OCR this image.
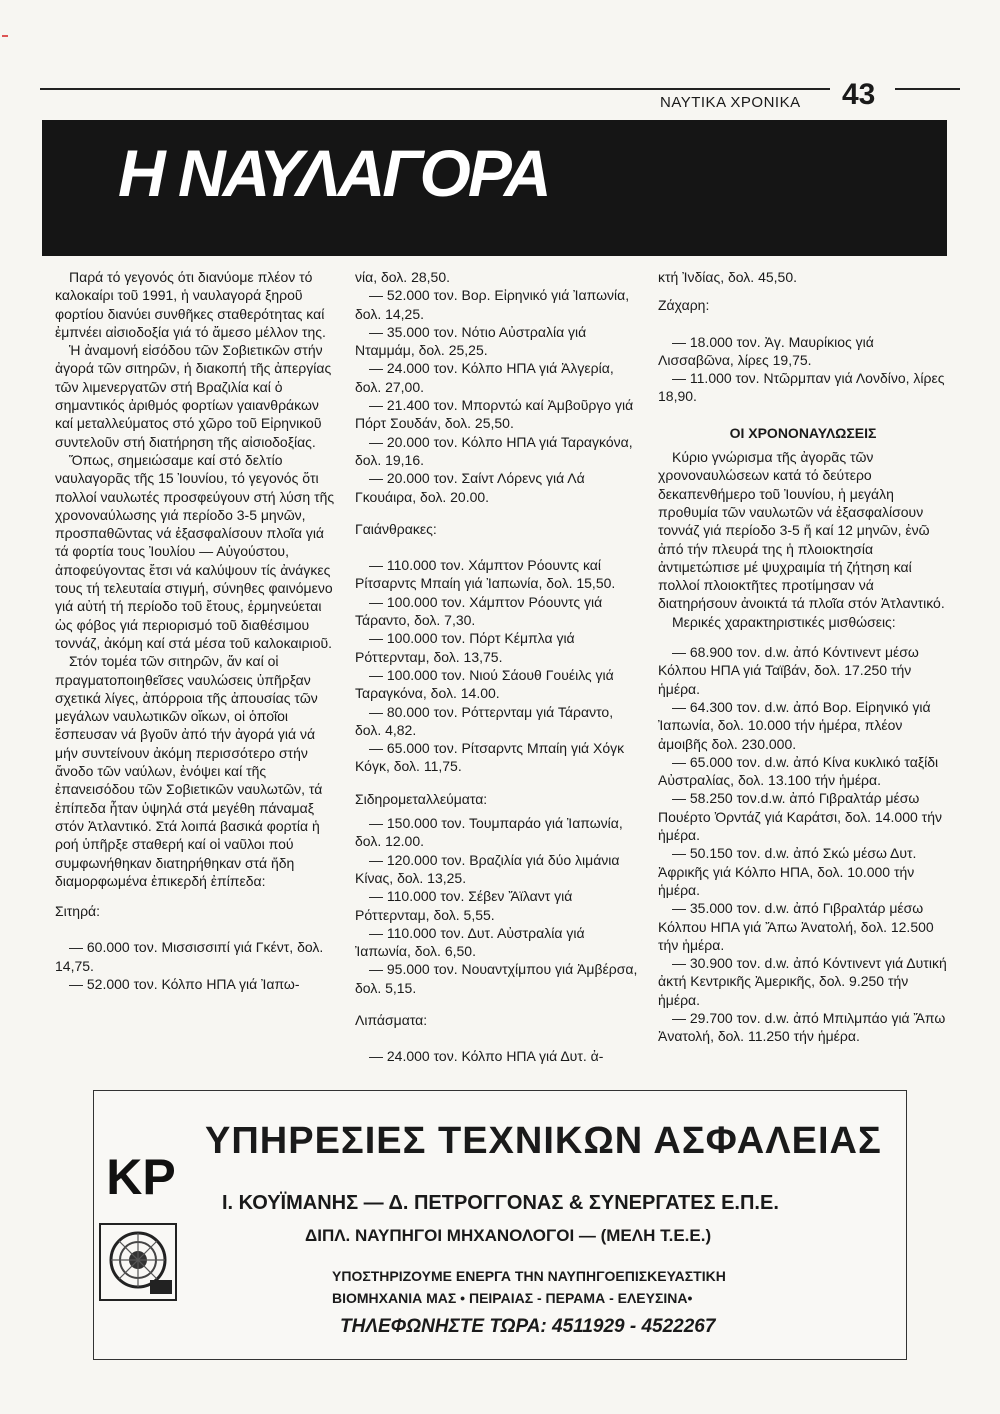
ΝΑΥΤΙΚΑ ΧΡΟΝΙΚΑ 43
Η ΝΑΥΛΑΓΟΡΑ

Παρά τό γεγονός ότι διανύομε πλέον τό καλοκαίρι τοῦ 1991, ἡ ναυλαγορά ξηροῦ φορτίου διανύει συνθῆκες σταθερότητας καί ἐμπνέει αἰσιοδοξία γιά τό ἄμεσο μέλλον της.

Ἡ ἀναμονή εἰσόδου τῶν Σοβιετικῶν στήν ἀγορά τῶν σιτηρῶν, ἡ διακοπή τῆς ἀπεργίας τῶν λιμενεργατῶν στή Βραζιλία καί ὁ σημαντικός ἀριθμός φορτίων γαιανθράκων καί μεταλλεύματος στό χῶρο τοῦ Εἰρηνικοῦ συντελοῦν στή διατήρηση τῆς αἰσιοδοξίας.

Ὅπως, σημειώσαμε καί στό δελτίο ναυλαγορᾶς τῆς 15 Ἰουνίου, τό γεγονός ὅτι πολλοί ναυλωτές προσφεύγουν στή λύση τῆς χρονοναύλωσης γιά περίοδο 3-5 μηνῶν, προσπαθῶντας νά ἐξασφαλίσουν πλοῖα γιά τά φορτία τους Ἰουλίου — Αὐγούστου, ἀποφεύγοντας ἔτσι νά καλύψουν τίς ἀνάγκες τους τή τελευταία στιγμή, σύνηθες φαινόμενο γιά αὐτή τή περίοδο τοῦ ἔτους, ἑρμηνεύεται ὡς φόβος γιά περιορισμό τοῦ διαθέσιμου τοννάζ, ἀκόμη καί στά μέσα τοῦ καλοκαιριοῦ.

Στόν τομέα τῶν σιτηρῶν, ἄν καί οἱ πραγματοποιηθεῖσες ναυλώσεις ὑπῆρξαν σχετικά λίγες, ἀπόρροια τῆς ἀπουσίας τῶν μεγάλων ναυλωτικῶν οἴκων, οἱ ὁποῖοι ἔσπευσαν νά βγοῦν ἀπό τήν ἀγορά γιά νά μήν συντείνουν ἀκόμη περισσότερο στήν ἄνοδο τῶν ναύλων, ἐνόψει καί τῆς ἐπανεισόδου τῶν Σοβιετικῶν ναυλωτῶν, τά ἐπίπεδα ἦταν ὑψηλά στά μεγέθη πάναμαξ στόν Ἀτλαντικό. Στά λοιπά βασικά φορτία ἡ ροή ὑπῆρξε σταθερή καί οἱ ναῦλοι πού συμφωνήθηκαν διατηρήθηκαν στά ἤδη διαμορφωμένα ἐπικερδή ἐπίπεδα:

Σιτηρά:

— 60.000 τον. Μισσισσιπί γιά Γκέντ, δολ. 14,75.

— 52.000 τον. Κόλπο ΗΠΑ γιά Ἰαπω-

νία, δολ. 28,50.

— 52.000 τον. Βορ. Εἰρηνικό γιά Ἰαπωνία, δολ. 14,25.

— 35.000 τον. Νότιο Αὐστραλία γιά Νταμμάμ, δολ. 25,25.

— 24.000 τον. Κόλπο ΗΠΑ γιά Ἀλγερία, δολ. 27,00.

— 21.400 τον. Μπορντώ καί Ἀμβοῦργο γιά Πόρτ Σουδάν, δολ. 25,50.

— 20.000 τον. Κόλπο ΗΠΑ γιά Ταραγκόνα, δολ. 19,16.

— 20.000 τον. Σαίντ Λόρενς γιά Λά Γκουάιρα, δολ. 20.00.

Γαιάνθρακες:

— 110.000 τον. Χάμπτον Ρόουντς καί Ρίτσαρντς Μπαίη γιά Ἰαπωνία, δολ. 15,50.

— 100.000 τον. Χάμπτον Ρόουντς γιά Τάραντο, δολ. 7,30.

— 100.000 τον. Πόρτ Κέμπλα γιά Ρόττερνταμ, δολ. 13,75.

— 100.000 τον. Νιού Σάουθ Γουέιλς γιά Ταραγκόνα, δολ. 14.00.

— 80.000 τον. Ρόττερνταμ γιά Τάραντο, δολ. 4,82.

— 65.000 τον. Ρίτσαρντς Μπαίη γιά Χόγκ Κόγκ, δολ. 11,75.

Σιδηρομεταλλεύματα:

— 150.000 τον. Τουμπαράο γιά Ἰαπωνία, δολ. 12.00.

— 120.000 τον. Βραζιλία γιά δύο λιμάνια Κίνας, δολ. 13,25.

— 110.000 τον. Σέβεν Ἄϊλαντ γιά Ρόττερνταμ, δολ. 5,55.

— 110.000 τον. Δυτ. Αὐστραλία γιά Ἰαπωνία, δολ. 6,50.

— 95.000 τον. Νουαντχίμπου γιά Ἀμβέρσα, δολ. 5,15.

Λιπάσματα:

— 24.000 τον. Κόλπο ΗΠΑ γιά Δυτ. ἀ-

κτή Ἰνδίας, δολ. 45,50.

Ζάχαρη:

— 18.000 τον. Ἀγ. Μαυρίκιος γιά Λισσαβῶνα, λίρες 19,75.

— 11.000 τον. Ντῶρμπαν γιά Λονδίνο, λίρες 18,90.

ΟΙ ΧΡΟΝΟΝΑΥΛΩΣΕΙΣ

Κύριο γνώρισμα τῆς ἀγορᾶς τῶν χρονοναυλώσεων κατά τό δεύτερο δεκαπενθήμερο τοῦ Ἰουνίου, ἡ μεγάλη προθυμία τῶν ναυλωτῶν νά ἐξασφαλίσουν τοννάζ γιά περίοδο 3-5 ἤ καί 12 μηνῶν, ἐνῶ ἀπό τήν πλευρά της ἡ πλοιοκτησία ἀντιμετώπισε μέ ψυχραιμία τή ζήτηση καί πολλοί πλοιοκτῆτες προτίμησαν νά διατηρήσουν ἀνοικτά τά πλοῖα στόν Ἀτλαντικό.

Μερικές χαρακτηριστικές μισθώσεις:

— 68.900 τον. d.w. ἀπό Κόντινεντ μέσω Κόλπου ΗΠΑ γιά Ταϊβάν, δολ. 17.250 τήν ἡμέρα.

— 64.300 τον. d.w. ἀπό Βορ. Εἰρηνικό γιά Ἰαπωνία, δολ. 10.000 τήν ἡμέρα, πλέον ἀμοιβῆς δολ. 230.000.

— 65.000 τον. d.w. ἀπό Κίνα κυκλικό ταξίδι Αὐστραλίας, δολ. 13.100 τήν ἡμέρα.

— 58.250 τον.d.w. ἀπό Γιβραλτάρ μέσω Πουέρτο Ὀρντάζ γιά Καράτσι, δολ. 14.000 τήν ἡμέρα.

— 50.150 τον. d.w. ἀπό Σκώ μέσω Δυτ. Ἀφρικῆς γιά Κόλπο ΗΠΑ, δολ. 10.000 τήν ἡμέρα.

— 35.000 τον. d.w. ἀπό Γιβραλτάρ μέσω Κόλπου ΗΠΑ γιά Ἄπω Ἀνατολή, δολ. 12.500 τήν ἡμέρα.

— 30.900 τον. d.w. ἀπό Κόντινεντ γιά Δυτική ἀκτή Κεντρικῆς Ἀμερικῆς, δολ. 9.250 τήν ἡμέρα.

— 29.700 τον. d.w. ἀπό Μπιλμπάο γιά Ἄπω Ἀνατολή, δολ. 11.250 τήν ἡμέρα.

KP
ΥΠΗΡΕΣΙΕΣ ΤΕΧΝΙΚΩΝ ΑΣΦΑΛΕΙΑΣ
Ι. ΚΟΥΪΜΑΝΗΣ — Δ. ΠΕΤΡΟΓΓΟΝΑΣ & ΣΥΝΕΡΓΑΤΕΣ Ε.Π.Ε.
ΔΙΠΛ. ΝΑΥΠΗΓΟΙ ΜΗΧΑΝΟΛΟΓΟΙ — (ΜΕΛΗ Τ.Ε.Ε.)
ΥΠΟΣΤΗΡΙΖΟΥΜΕ ΕΝΕΡΓΑ ΤΗΝ ΝΑΥΠΗΓΟΕΠΙΣΚΕΥΑΣΤΙΚΗ
ΒΙΟΜΗΧΑΝΙΑ ΜΑΣ • ΠΕΙΡΑΙΑΣ - ΠΕΡΑΜΑ - ΕΛΕΥΣΙΝΑ•
ΤΗΛΕΦΩΝΗΣΤΕ ΤΩΡΑ: 4511929 - 4522267
